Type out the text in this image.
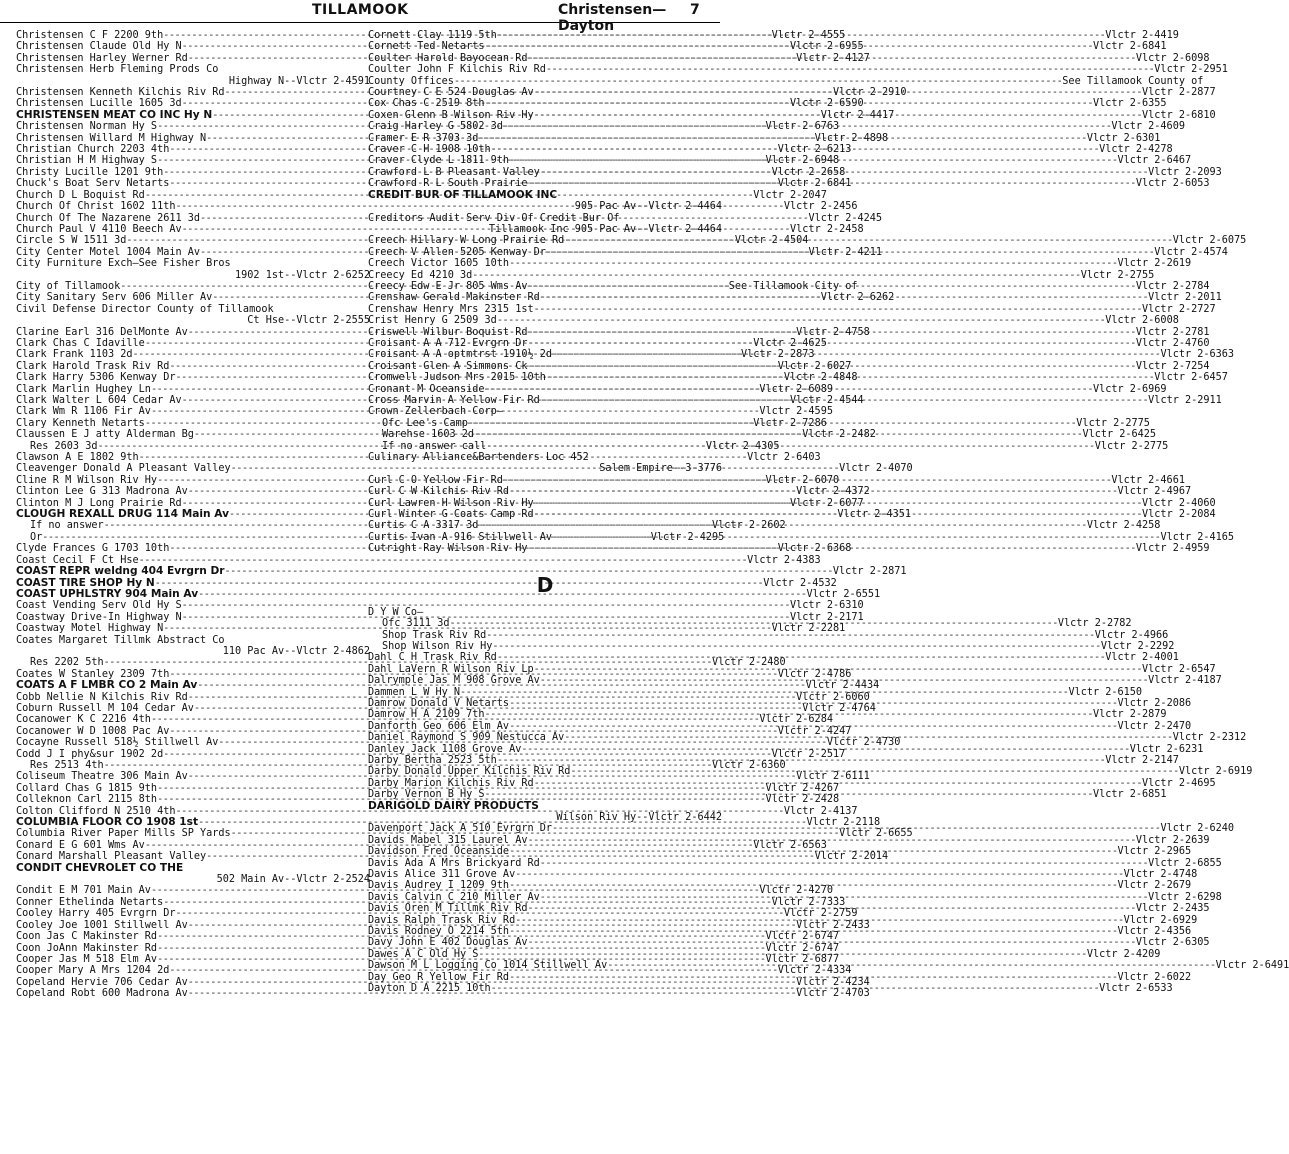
TILLAMOOK	Christensen—Dayton
7
Christensen C F 2200 9th -----	Vlctr 2-4555
Christensen Claude Old Hy N -----	Vlctr 2-6955
Christensen Harley Werner Rd -----	Vlctr 2-4127
Christensen Herb Fleming Prods Co
Highway N -- Vlctr 2-4591
Christensen Kenneth Kilchis Riv Rd -----	Vlctr 2-2910
Christensen Lucille 1605 3d -----	Vlctr 2-6590
CHRISTENSEN MEAT CO INC Hy N -----	Vlctr 2-4417
Christensen Norman Hy S -----	Vlctr 2-6763
Christensen Willard M Highway N -----	Vlctr 2-4898
Christian Church 2203 4th -----	Vlctr 2-6213
Christian H M Highway S -----	Vlctr 2-6948
Christy Lucille 1201 9th -----	Vlctr 2-2658
Chuck's Boat Serv Netarts -----	Vlctr 2-6841
Church D L Boquist Rd -----	Vlctr 2-2047
Church Of Christ 1602 11th -----	Vlctr 2-2456
Church Of The Nazarene 2611 3d -----	Vlctr 2-4245
Church Paul V 4110 Beech Av -----	Vlctr 2-2458
Circle S W 1511 3d -----	Vlctr 2-4504
City Center Motel 1004 Main Av -----	Vlctr 2-4211
City Furniture Exch—See Fisher Bros
1902 1st -- Vlctr 2-6252
City of Tillamook -----	See Tillamook City of
City Sanitary Serv 606 Miller Av -----	Vlctr 2-6262
Civil Defense Director County of Tillamook
Ct Hse -- Vlctr 2-2555
Clarine Earl 316 DelMonte Av -----	Vlctr 2-4758
Clark Chas C Idaville -----	Vlctr 2-4625
Clark Frank 1103 2d -----	Vlctr 2-2873
Clark Harold Trask Riv Rd -----	Vlctr 2-6027
Clark Harry 5306 Kenway Dr -----	Vlctr 2-4848
Clark Marlin Hughey Ln -----	Vlctr 2-6089
Clark Walter L 604 Cedar Av -----	Vlctr 2-4544
Clark Wm R 1106 Fir Av -----	Vlctr 2-4595
Clary Kenneth Netarts -----	Vlctr 2-7286
Claussen E J atty Alderman Bg -----	Vlctr 2-2482
Res 2603 3d -----	Vlctr 2-4305
Clawson A E 1802 9th -----	Vlctr 2-6403
Cleavenger Donald A Pleasant Valley -----	Vlctr 2-4070
Cline R M Wilson Riv Hy -----	Vlctr 2-6070
Clinton Lee G 313 Madrona Av -----	Vlctr 2-4372
Clinton M J Long Prairie Rd -----	Vlctr 2-6077
CLOUGH REXALL DRUG 114 Main Av -----	Vlctr 2-4351
If no answer -----	Vlctr 2-2602
Or -----	Vlctr 2-4295
Clyde Frances G 1703 10th -----	Vlctr 2-6368
Coast Cecil F Ct Hse -----	Vlctr 2-4383
COAST REPR weldng 404 Evrgrn Dr -----	Vlctr 2-2871
COAST TIRE SHOP Hy N -----	Vlctr 2-4532
COAST UPHLSTRY 904 Main Av -----	Vlctr 2-6551
Coast Vending Serv Old Hy S -----	Vlctr 2-6310
Coastway Drive-In Highway N -----	Vlctr 2-2171
Coastway Motel Highway N -----	Vlctr 2-2281
Coates Margaret Tillmk Abstract Co
110 Pac Av -- Vlctr 2-4862
Res 2202 5th -----	Vlctr 2-2480
Coates W Stanley 2309 7th -----	Vlctr 2-4786
COATS A F LMBR CO 2 Main Av -----	Vlctr 2-4434
Cobb Nellie N Kilchis Riv Rd -----	Vlctr 2-6060
Coburn Russell M 104 Cedar Av -----	Vlctr 2-4764
Cocanower K C 2216 4th -----	Vlctr 2-6284
Cocanower W D 1008 Pac Av -----	Vlctr 2-4247
Cocayne Russell 518½ Stillwell Av -----	Vlctr 2-4730
Codd J I phy&sur 1902 2d -----	Vlctr 2-2517
Res 2513 4th -----	Vlctr 2-6360
Coliseum Theatre 306 Main Av -----	Vlctr 2-6111
Collard Chas G 1815 9th -----	Vlctr 2-4267
Colleknon Carl 2115 8th -----	Vlctr 2-2428
Colton Clifford N 2510 4th -----	Vlctr 2-4137
COLUMBIA FLOOR CO 1908 1st -----	Vlctr 2-2118
Columbia River Paper Mills SP Yards -----	Vlctr 2-6655
Conard E G 601 Wms Av -----	Vlctr 2-6563
Conard Marshall Pleasant Valley -----	Vlctr 2-2014
CONDIT CHEVROLET CO THE
502 Main Av -- Vlctr 2-2524
Condit E M 701 Main Av -----	Vlctr 2-4270
Conner Ethelinda Netarts -----	Vlctr 2-7333
Cooley Harry 405 Evrgrn Dr -----	Vlctr 2-2759
Cooley Joe 1001 Stillwell Av -----	Vlctr 2-2433
Coon Jas C Makinster Rd -----	Vlctr 2-6747
Coon JoAnn Makinster Rd -----	Vlctr 2-6747
Cooper Jas M 518 Elm Av -----	Vlctr 2-6877
Cooper Mary A Mrs 1204 2d -----	Vlctr 2-4334
Copeland Hervie 706 Cedar Av -----	Vlctr 2-4234
Copeland Robt 600 Madrona Av -----	Vlctr 2-4703
Cornett Clay 1119 5th -----	Vlctr 2-4419
Cornett Ted Netarts -----	Vlctr 2-6841
Coulter Harold Bayocean Rd -----	Vlctr 2-6098
Coulter John F Kilchis Riv Rd -----	Vlctr 2-2951
County Offices -----	See Tillamook County of
Courtney C E 524 Douglas Av -----	Vlctr 2-2877
Cox Chas C 2519 8th -----	Vlctr 2-6355
Coxen Glenn B Wilson Riv Hy -----	Vlctr 2-6810
Craig Harley G 5802 3d -----	Vlctr 2-4609
Cramer E R 3703 3d -----	Vlctr 2-6301
Craver C H 1908 10th -----	Vlctr 2-4278
Craver Clyde L 1811 9th -----	Vlctr 2-6467
Crawford L B Pleasant Valley -----	Vlctr 2-2093
Crawford R L South Prairie -----	Vlctr 2-6053
CREDIT BUR OF TILLAMOOK INC
905 Pac Av -- Vlctr 2-4464
Creditors Audit Serv Div Of Credit Bur Of
Tillamook Inc 905 Pac Av -- Vlctr 2-4464
Creech Hillary W Long Prairie Rd -----	Vlctr 2-6075
Creech V Allen 5205 Kenway Dr -----	Vlctr 2-4574
Creech Victor 1605 10th -----	Vlctr 2-2619
Creecy Ed 4210 3d -----	Vlctr 2-2755
Creecy Edw E Jr 805 Wms Av -----	Vlctr 2-2784
Crenshaw Gerald Makinster Rd -----	Vlctr 2-2011
Crenshaw Henry Mrs 2315 1st -----	Vlctr 2-2727
Crist Henry G 2509 3d -----	Vlctr 2-6008
Criswell Wilbur Boquist Rd -----	Vlctr 2-2781
Croisant A A 712 Evrgrn Dr -----	Vlctr 2-4760
Croisant A A optmtrst 1910½ 2d -----	Vlctr 2-6363
Croisant Glen A Simmons Ck -----	Vlctr 2-7254
Cromwell Judson Mrs 2015 10th -----	Vlctr 2-6457
Cronant M Oceanside -----	Vlctr 2-6969
Cross Marvin A Yellow Fir Rd -----	Vlctr 2-2911
Crown Zellerbach Corp—
Ofc Lee's Camp -----	Vlctr 2-2775
Warehse 1603 2d -----	Vlctr 2-6425
If no answer call -----	Vlctr 2-2775
Culinary Alliance&Bartenders Loc 452
Salem Empire -- 3-3776
Curl C O Yellow Fir Rd -----	Vlctr 2-4661
Curl C W Kilchis Riv Rd -----	Vlctr 2-4967
Curl Lawren H Wilson Riv Hy -----	Vlctr 2-4060
Curl Winter G Coats Camp Rd -----	Vlctr 2-2084
Curtis C A 3317 3d -----	Vlctr 2-4258
Curtis Ivan A 916 Stillwell Av -----	Vlctr 2-4165
Cutright Ray Wilson Riv Hy -----	Vlctr 2-4959
D
D Y W Co—
Ofc 3111 3d -----	Vlctr 2-2782
Shop Trask Riv Rd -----	Vlctr 2-4966
Shop Wilson Riv Hy -----	Vlctr 2-2292
Dahl C H Trask Riv Rd -----	Vlctr 2-4001
Dahl LaVern R Wilson Riv Lp -----	Vlctr 2-6547
Dalrymple Jas M 908 Grove Av -----	Vlctr 2-4187
Dammen L W Hy N -----	Vlctr 2-6150
Damrow Donald V Netarts -----	Vlctr 2-2086
Damrow H A 2109 7th -----	Vlctr 2-2879
Danforth Geo 606 Elm Av -----	Vlctr 2-2470
Daniel Raymond S 909 Nestucca Av -----	Vlctr 2-2312
Danley Jack 1108 Grove Av -----	Vlctr 2-6231
Darby Bertha 2523 5th -----	Vlctr 2-2147
Darby Donald Upper Kilchis Riv Rd -----	Vlctr 2-6919
Darby Marion Kilchis Riv Rd -----	Vlctr 2-4695
Darby Vernon B Hy S -----	Vlctr 2-6851
DARIGOLD DAIRY PRODUCTS
Wilson Riv Hy -- Vlctr 2-6442
Davenport Jack A 510 Evrgrn Dr -----	Vlctr 2-6240
Davids Mabel 315 Laurel Av -----	Vlctr 2-2639
Davidson Fred Oceanside -----	Vlctr 2-2965
Davis Ada A Mrs Brickyard Rd -----	Vlctr 2-6855
Davis Alice 311 Grove Av -----	Vlctr 2-4748
Davis Audrey I 1209 9th -----	Vlctr 2-2679
Davis Calvin C 210 Miller Av -----	Vlctr 2-6298
Davis Oren M Tillmk Riv Rd -----	Vlctr 2-2435
Davis Ralph Trask Riv Rd -----	Vlctr 2-6929
Davis Rodney O 2214 5th -----	Vlctr 2-4356
Davy John E 402 Douglas Av -----	Vlctr 2-6305
Dawes A C Old Hy S -----	Vlctr 2-4209
Dawson M L Logging Co 1014 Stillwell Av -----	Vlctr 2-6491
Day Geo R Yellow Fir Rd -----	Vlctr 2-6022
Dayton D A 2215 10th -----	Vlctr 2-6533
